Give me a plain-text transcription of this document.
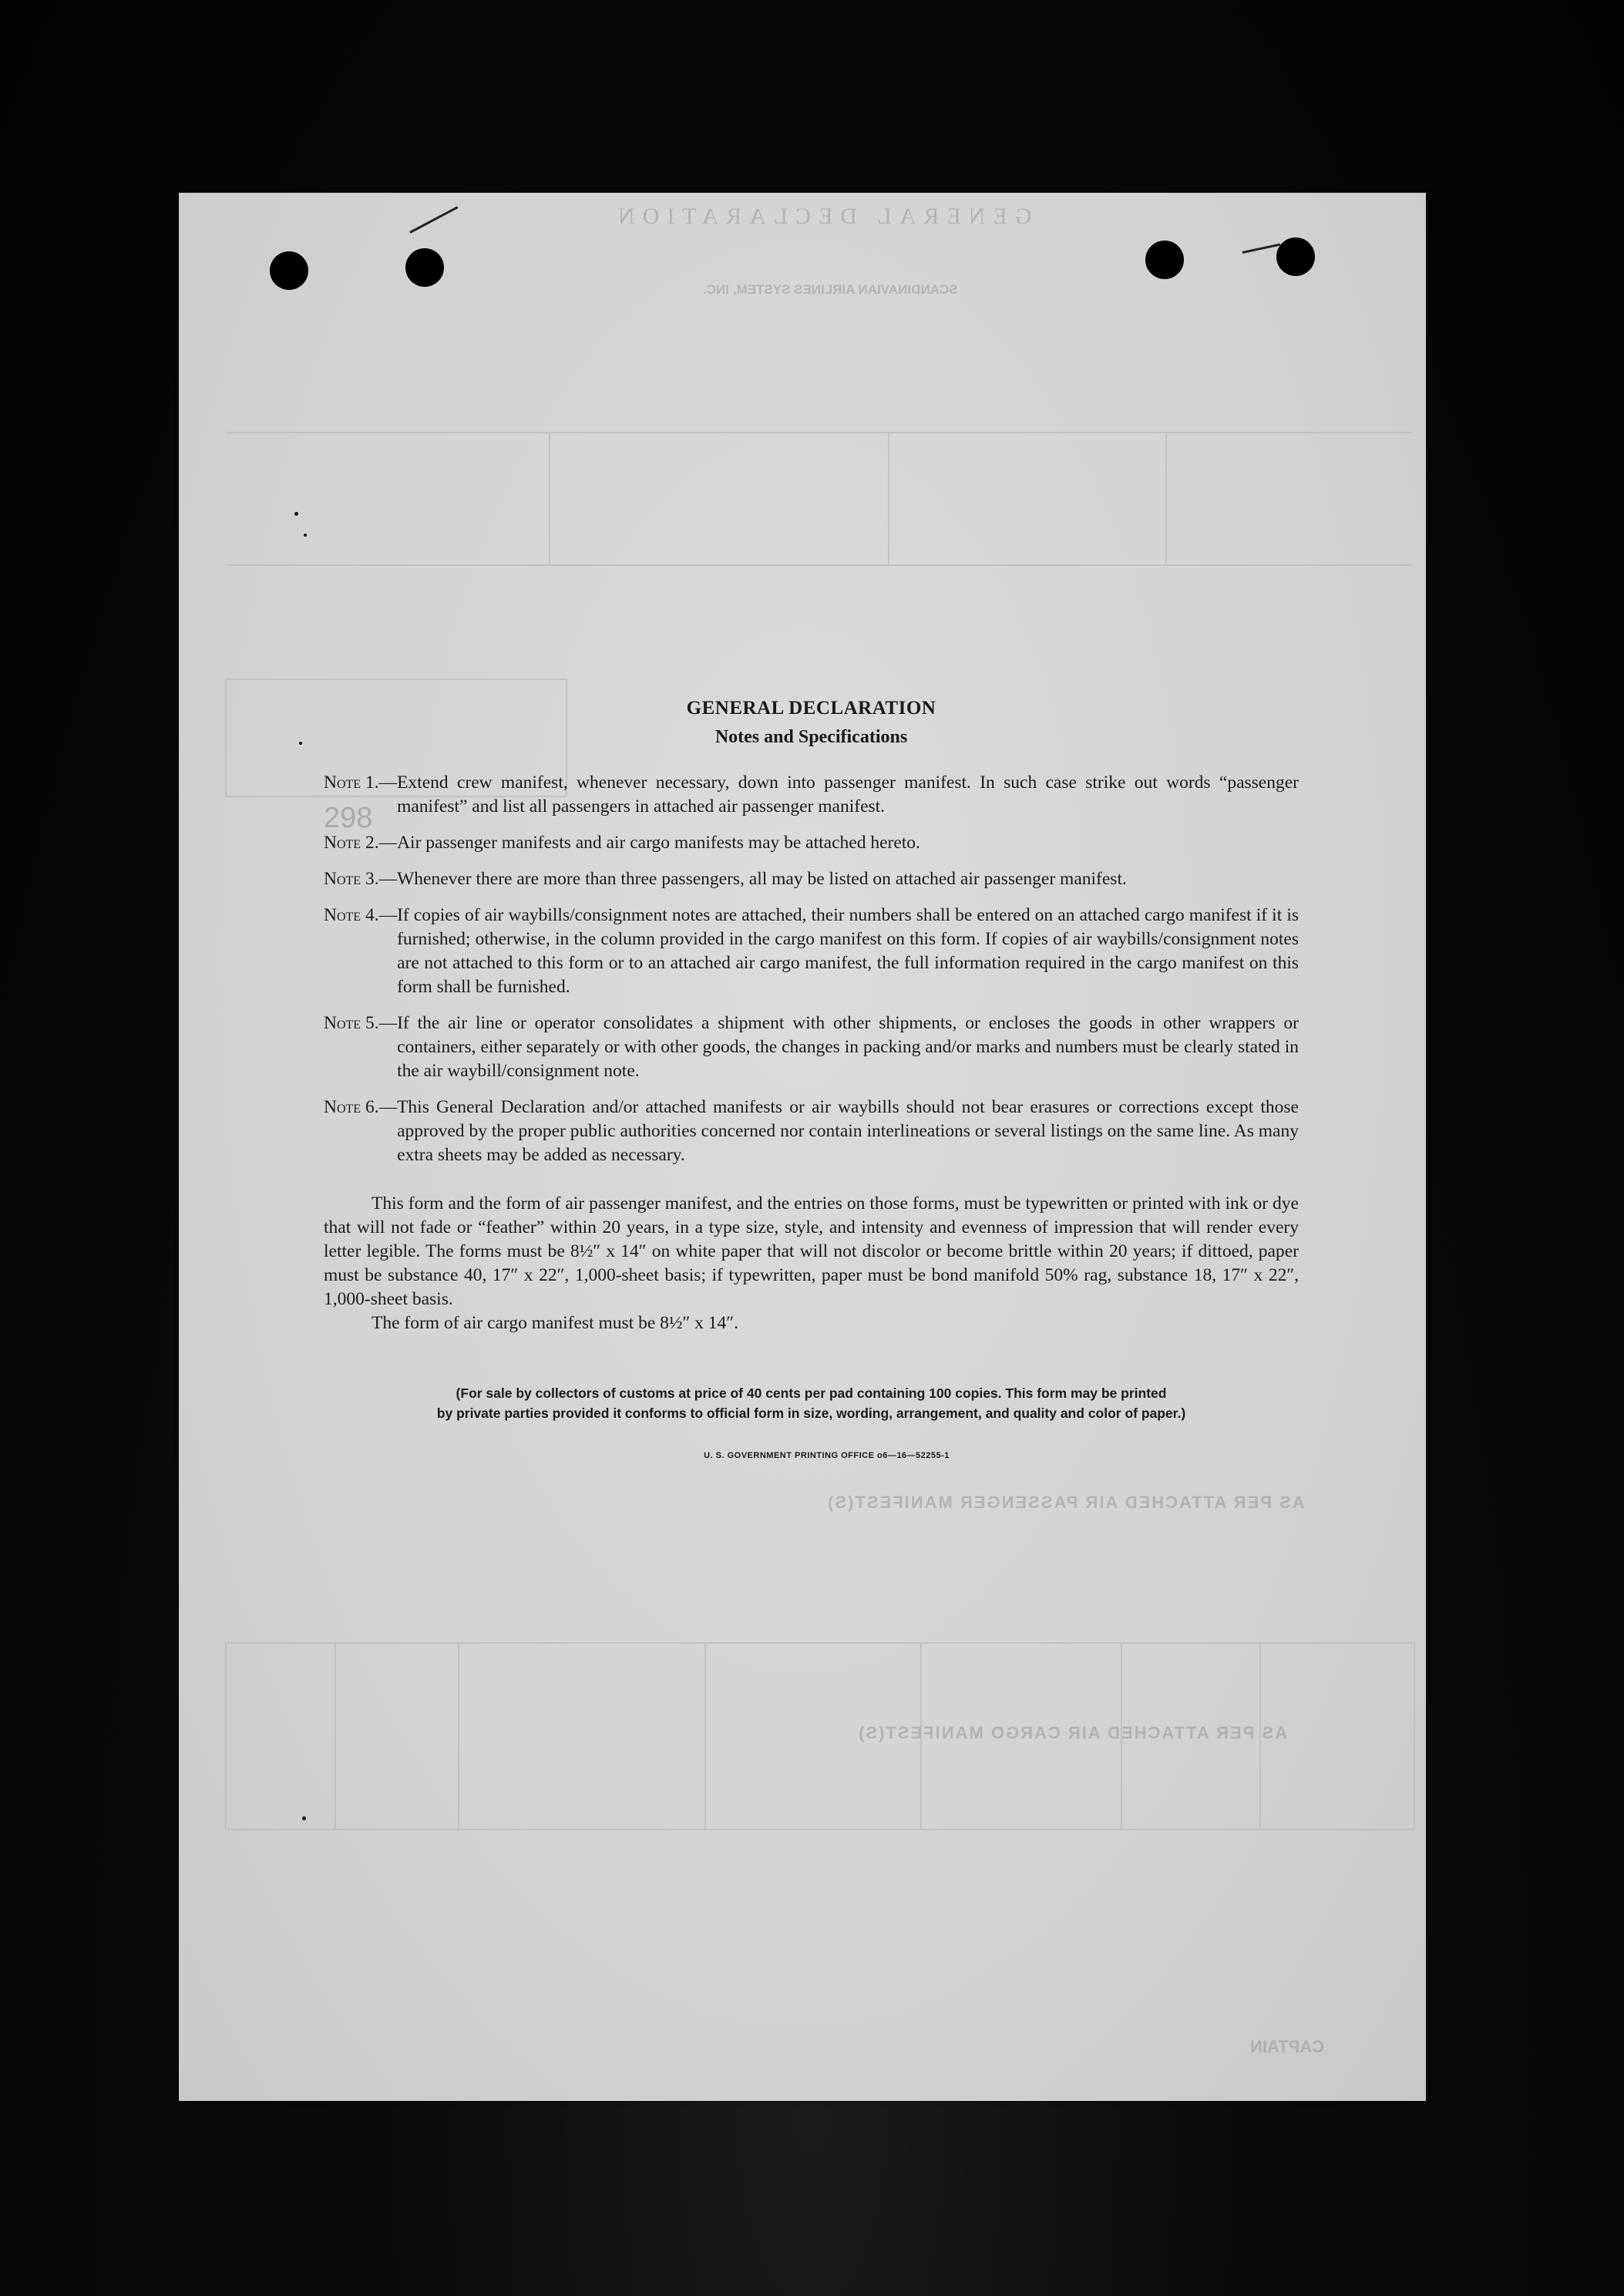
GENERAL DECLARATION
SCANDINAVIAN AIRLINES SYSTEM, INC.
AS PER ATTACHED AIR PASSENGER MANIFEST(S)
AS PER ATTACHED AIR CARGO MANIFEST(S)
CAPTAIN
298
GENERAL DECLARATION
Notes and Specifications
Note 1.— Extend crew manifest, whenever necessary, down into passenger manifest. In such case strike out words “passenger manifest” and list all passengers in attached air passenger manifest.
Note 2.— Air passenger manifests and air cargo manifests may be attached hereto.
Note 3.— Whenever there are more than three passengers, all may be listed on attached air passenger manifest.
Note 4.— If copies of air waybills/consignment notes are attached, their numbers shall be entered on an attached cargo manifest if it is furnished; otherwise, in the column provided in the cargo manifest on this form. If copies of air waybills/consignment notes are not attached to this form or to an attached air cargo manifest, the full information required in the cargo manifest on this form shall be furnished.
Note 5.— If the air line or operator consolidates a shipment with other shipments, or encloses the goods in other wrappers or containers, either separately or with other goods, the changes in packing and/or marks and numbers must be clearly stated in the air waybill/consignment note.
Note 6.— This General Declaration and/or attached manifests or air waybills should not bear erasures or corrections except those approved by the proper public authorities concerned nor contain interlineations or several listings on the same line. As many extra sheets may be added as necessary.
This form and the form of air passenger manifest, and the entries on those forms, must be typewritten or printed with ink or dye that will not fade or “feather” within 20 years, in a type size, style, and intensity and evenness of impression that will render every letter legible. The forms must be 8½″ x 14″ on white paper that will not discolor or become brittle within 20 years; if dittoed, paper must be substance 40, 17″ x 22″, 1,000-sheet basis; if typewritten, paper must be bond manifold 50% rag, substance 18, 17″ x 22″, 1,000-sheet basis.
The form of air cargo manifest must be 8½″ x 14″.
(For sale by collectors of customs at price of 40 cents per pad containing 100 copies. This form may be printed
by private parties provided it conforms to official form in size, wording, arrangement, and quality and color of paper.)
U. S. GOVERNMENT PRINTING OFFICE o6—16—52255-1
